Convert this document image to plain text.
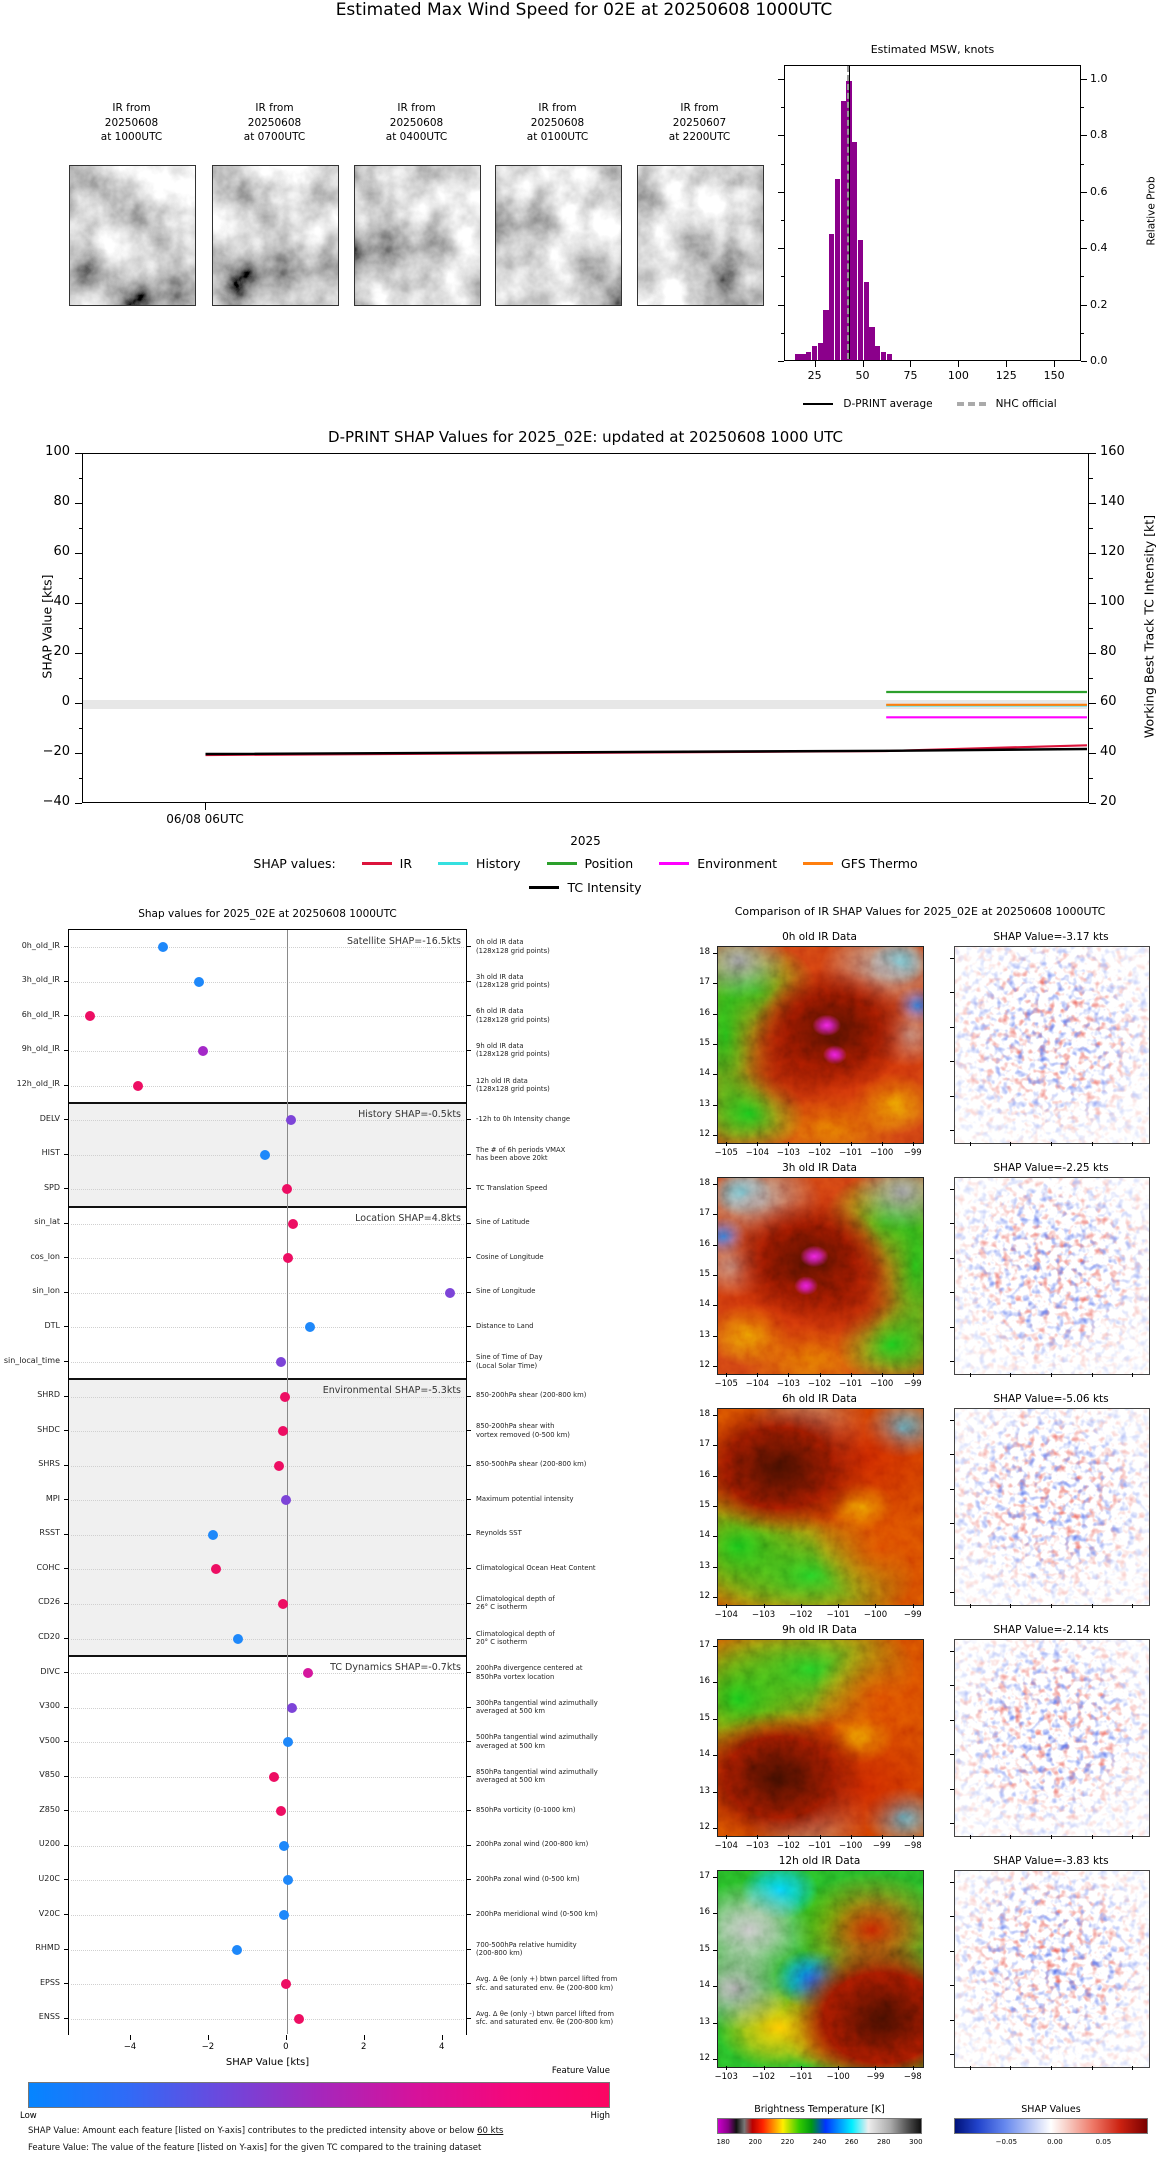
Estimated Max Wind Speed for 02E at 20250608 1000UTC
IR from
20250608
at 1000UTC
IR from
20250608
at 0700UTC
IR from
20250608
at 0400UTC
IR from
20250608
at 0100UTC
IR from
20250607
at 2200UTC
Estimated MSW, knots
0.0
0.2
0.4
0.6
0.8
1.0
Relative Prob
25	50	75	100	125	150
D-PRINT average	NHC official
D-PRINT SHAP Values for 2025_02E: updated at 20250608 1000 UTC
100
80
60
40
20
0
−20
−40
160
140
120
100
80
60
40
20
SHAP Value [kts]	Working Best Track TC Intensity [kt]
06/08 06UTC
2025
SHAP values:	IR	History	Position	Environment	GFS Thermo
TC Intensity
Shap values for 2025_02E at 20250608 1000UTC
Satellite SHAP=-16.5kts
History SHAP=-0.5kts
Location SHAP=4.8kts
Environmental SHAP=-5.3kts
TC Dynamics SHAP=-0.7kts
0h_old_IR	0h old IR data
(128x128 grid points)
3h_old_IR	3h old IR data
(128x128 grid points)
6h_old_IR	6h old IR data
(128x128 grid points)
9h_old_IR	9h old IR data
(128x128 grid points)
12h_old_IR	12h old IR data
(128x128 grid points)
DELV	-12h to 0h Intensity change
HIST	The # of 6h periods VMAX
has been above 20kt
SPD	TC Translation Speed
sin_lat	Sine of Latitude
cos_lon	Cosine of Longitude
sin_lon	Sine of Longitude
DTL	Distance to Land
sin_local_time	Sine of Time of Day
(Local Solar Time)
SHRD	850-200hPa shear (200-800 km)
SHDC	850-200hPa shear with
vortex removed (0-500 km)
SHRS	850-500hPa shear (200-800 km)
MPI	Maximum potential intensity
RSST	Reynolds SST
COHC	Climatological Ocean Heat Content
CD26	Climatological depth of
26° C isotherm
CD20	Climatological depth of
20° C isotherm
DIVC	200hPa divergence centered at
850hPa vortex location
V300	300hPa tangential wind azimuthally
averaged at 500 km
V500	500hPa tangential wind azimuthally
averaged at 500 km
V850	850hPa tangential wind azimuthally
averaged at 500 km
Z850	850hPa vorticity (0-1000 km)
U200	200hPa zonal wind (200-800 km)
U20C	200hPa zonal wind (0-500 km)
V20C	200hPa meridional wind (0-500 km)
RHMD	700-500hPa relative humidity
(200-800 km)
EPSS	Avg. Δ θe (only +) btwn parcel lifted from
sfc. and saturated env. θe (200-800 km)
ENSS	Avg. Δ θe (only -) btwn parcel lifted from
sfc. and saturated env. θe (200-800 km)
−4	−2	0	2	4
SHAP Value [kts]
Feature Value
Low	High
SHAP Value: Amount each feature [listed on Y-axis] contributes to the predicted intensity above or below 60 kts
Feature Value: The value of the feature [listed on Y-axis] for the given TC compared to the training dataset
Comparison of IR SHAP Values for 2025_02E at 20250608 1000UTC
0h old IR Data	SHAP Value=-3.17 kts
18
17
16
15
14
13
12
−105 −104 −103 −102 −101 −100	−99
3h old IR Data	SHAP Value=-2.25 kts
18
17
16
15
14
13
12
−105 −104 −103 −102 −101 −100	−99
6h old IR Data	SHAP Value=-5.06 kts
18
17
16
15
14
13
12
−104	−103	−102	−101	−100	−99
9h old IR Data	SHAP Value=-2.14 kts
17
16
15
14
13
12
−104 −103 −102 −101 −100	−99	−98
12h old IR Data	SHAP Value=-3.83 kts
17
16
15
14
13
12
−103	−102	−101	−100	−99	−98
Brightness Temperature [K]
180	200	220	240	260	280	300
SHAP Values
−0.05	0.00	0.05
